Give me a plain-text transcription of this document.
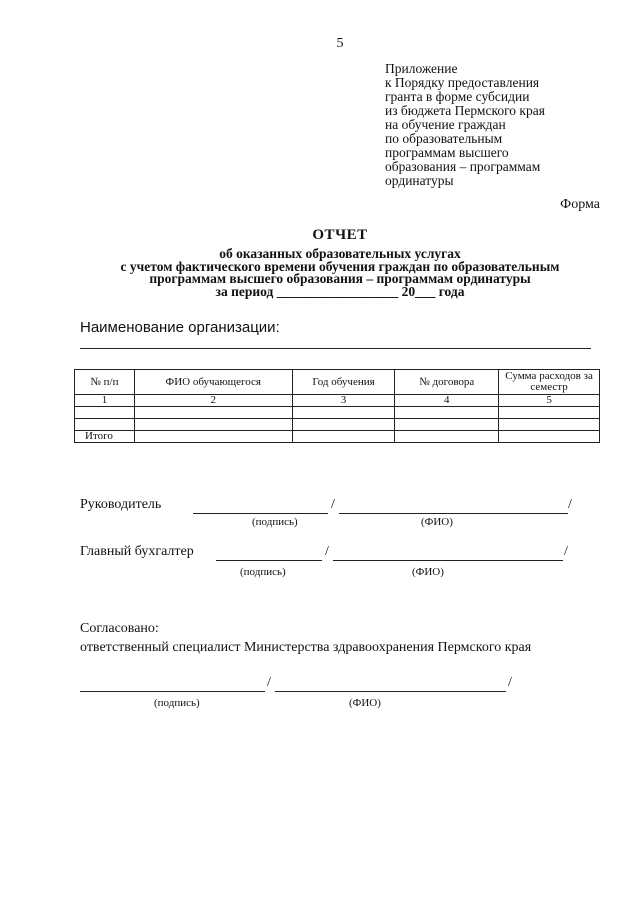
5
Приложение
к Порядку предоставления
гранта в форме субсидии
из бюджета Пермского края
на обучение граждан
по образовательным
программам высшего
образования – программам
ординатуры
Форма
ОТЧЕТ
об оказанных образовательных услугах
с учетом фактического времени обучения граждан по образовательным
программам высшего образования – программам ординатуры
за период __________________ 20___ года
Наименование организации:
№ п/п	ФИО обучающегося	Год обучения	№ договора	Сумма расходов за семестр
1	2	3	4	5

Итого				
Руководитель	/	/
(подпись)	(ФИО)
Главный бухгалтер	/	/
(подпись)	(ФИО)
Согласовано:
ответственный специалист Министерства здравоохранения Пермского края
/	/
(подпись)	(ФИО)
